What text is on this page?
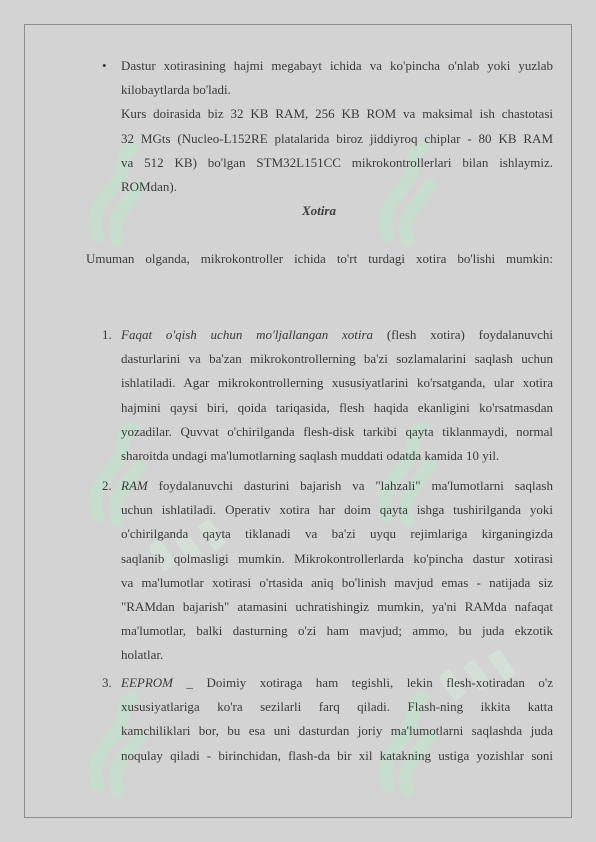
• Dastur xotirasining hajmi megabayt ichida va ko'pincha o'nlab yoki yuzlab
kilobaytlarda bo'ladi.
Kurs doirasida biz 32 KB RAM, 256 KB ROM va maksimal ish chastotasi
32 MGts (Nucleo-L152RE platalarida biroz jiddiyroq chiplar - 80 KB RAM
va 512 KB) bo'lgan STM32L151CC mikrokontrollerlari bilan ishlaymiz.
ROMdan).
Xotira
Umuman olganda, mikrokontroller ichida to'rt turdagi xotira bo'lishi mumkin:
1. Faqat o'qish uchun mo'ljallangan xotira (flesh xotira) foydalanuvchi
dasturlarini va ba'zan mikrokontrollerning ba'zi sozlamalarini saqlash uchun
ishlatiladi. Agar mikrokontrollerning xususiyatlarini ko'rsatganda, ular xotira
hajmini qaysi biri, qoida tariqasida, flesh haqida ekanligini ko'rsatmasdan
yozadilar. Quvvat o'chirilganda flesh-disk tarkibi qayta tiklanmaydi, normal
sharoitda undagi ma'lumotlarning saqlash muddati odatda kamida 10 yil.
2. RAM foydalanuvchi dasturini bajarish va "lahzali" ma'lumotlarni saqlash
uchun ishlatiladi. Operativ xotira har doim qayta ishga tushirilganda yoki
o'chirilganda qayta tiklanadi va ba'zi uyqu rejimlariga kirganingizda
saqlanib qolmasligi mumkin. Mikrokontrollerlarda ko'pincha dastur xotirasi
va ma'lumotlar xotirasi o'rtasida aniq bo'linish mavjud emas - natijada siz
"RAMdan bajarish" atamasini uchratishingiz mumkin, ya'ni RAMda nafaqat
ma'lumotlar, balki dasturning o'zi ham mavjud; ammo, bu juda ekzotik
holatlar.
3. EEPROM _ Doimiy xotiraga ham tegishli, lekin flesh-xotiradan o'z
xususiyatlariga ko'ra sezilarli farq qiladi. Flash-ning ikkita katta
kamchiliklari bor, bu esa uni dasturdan joriy ma'lumotlarni saqlashda juda
noqulay qiladi - birinchidan, flash-da bir xil katakning ustiga yozishlar soni
